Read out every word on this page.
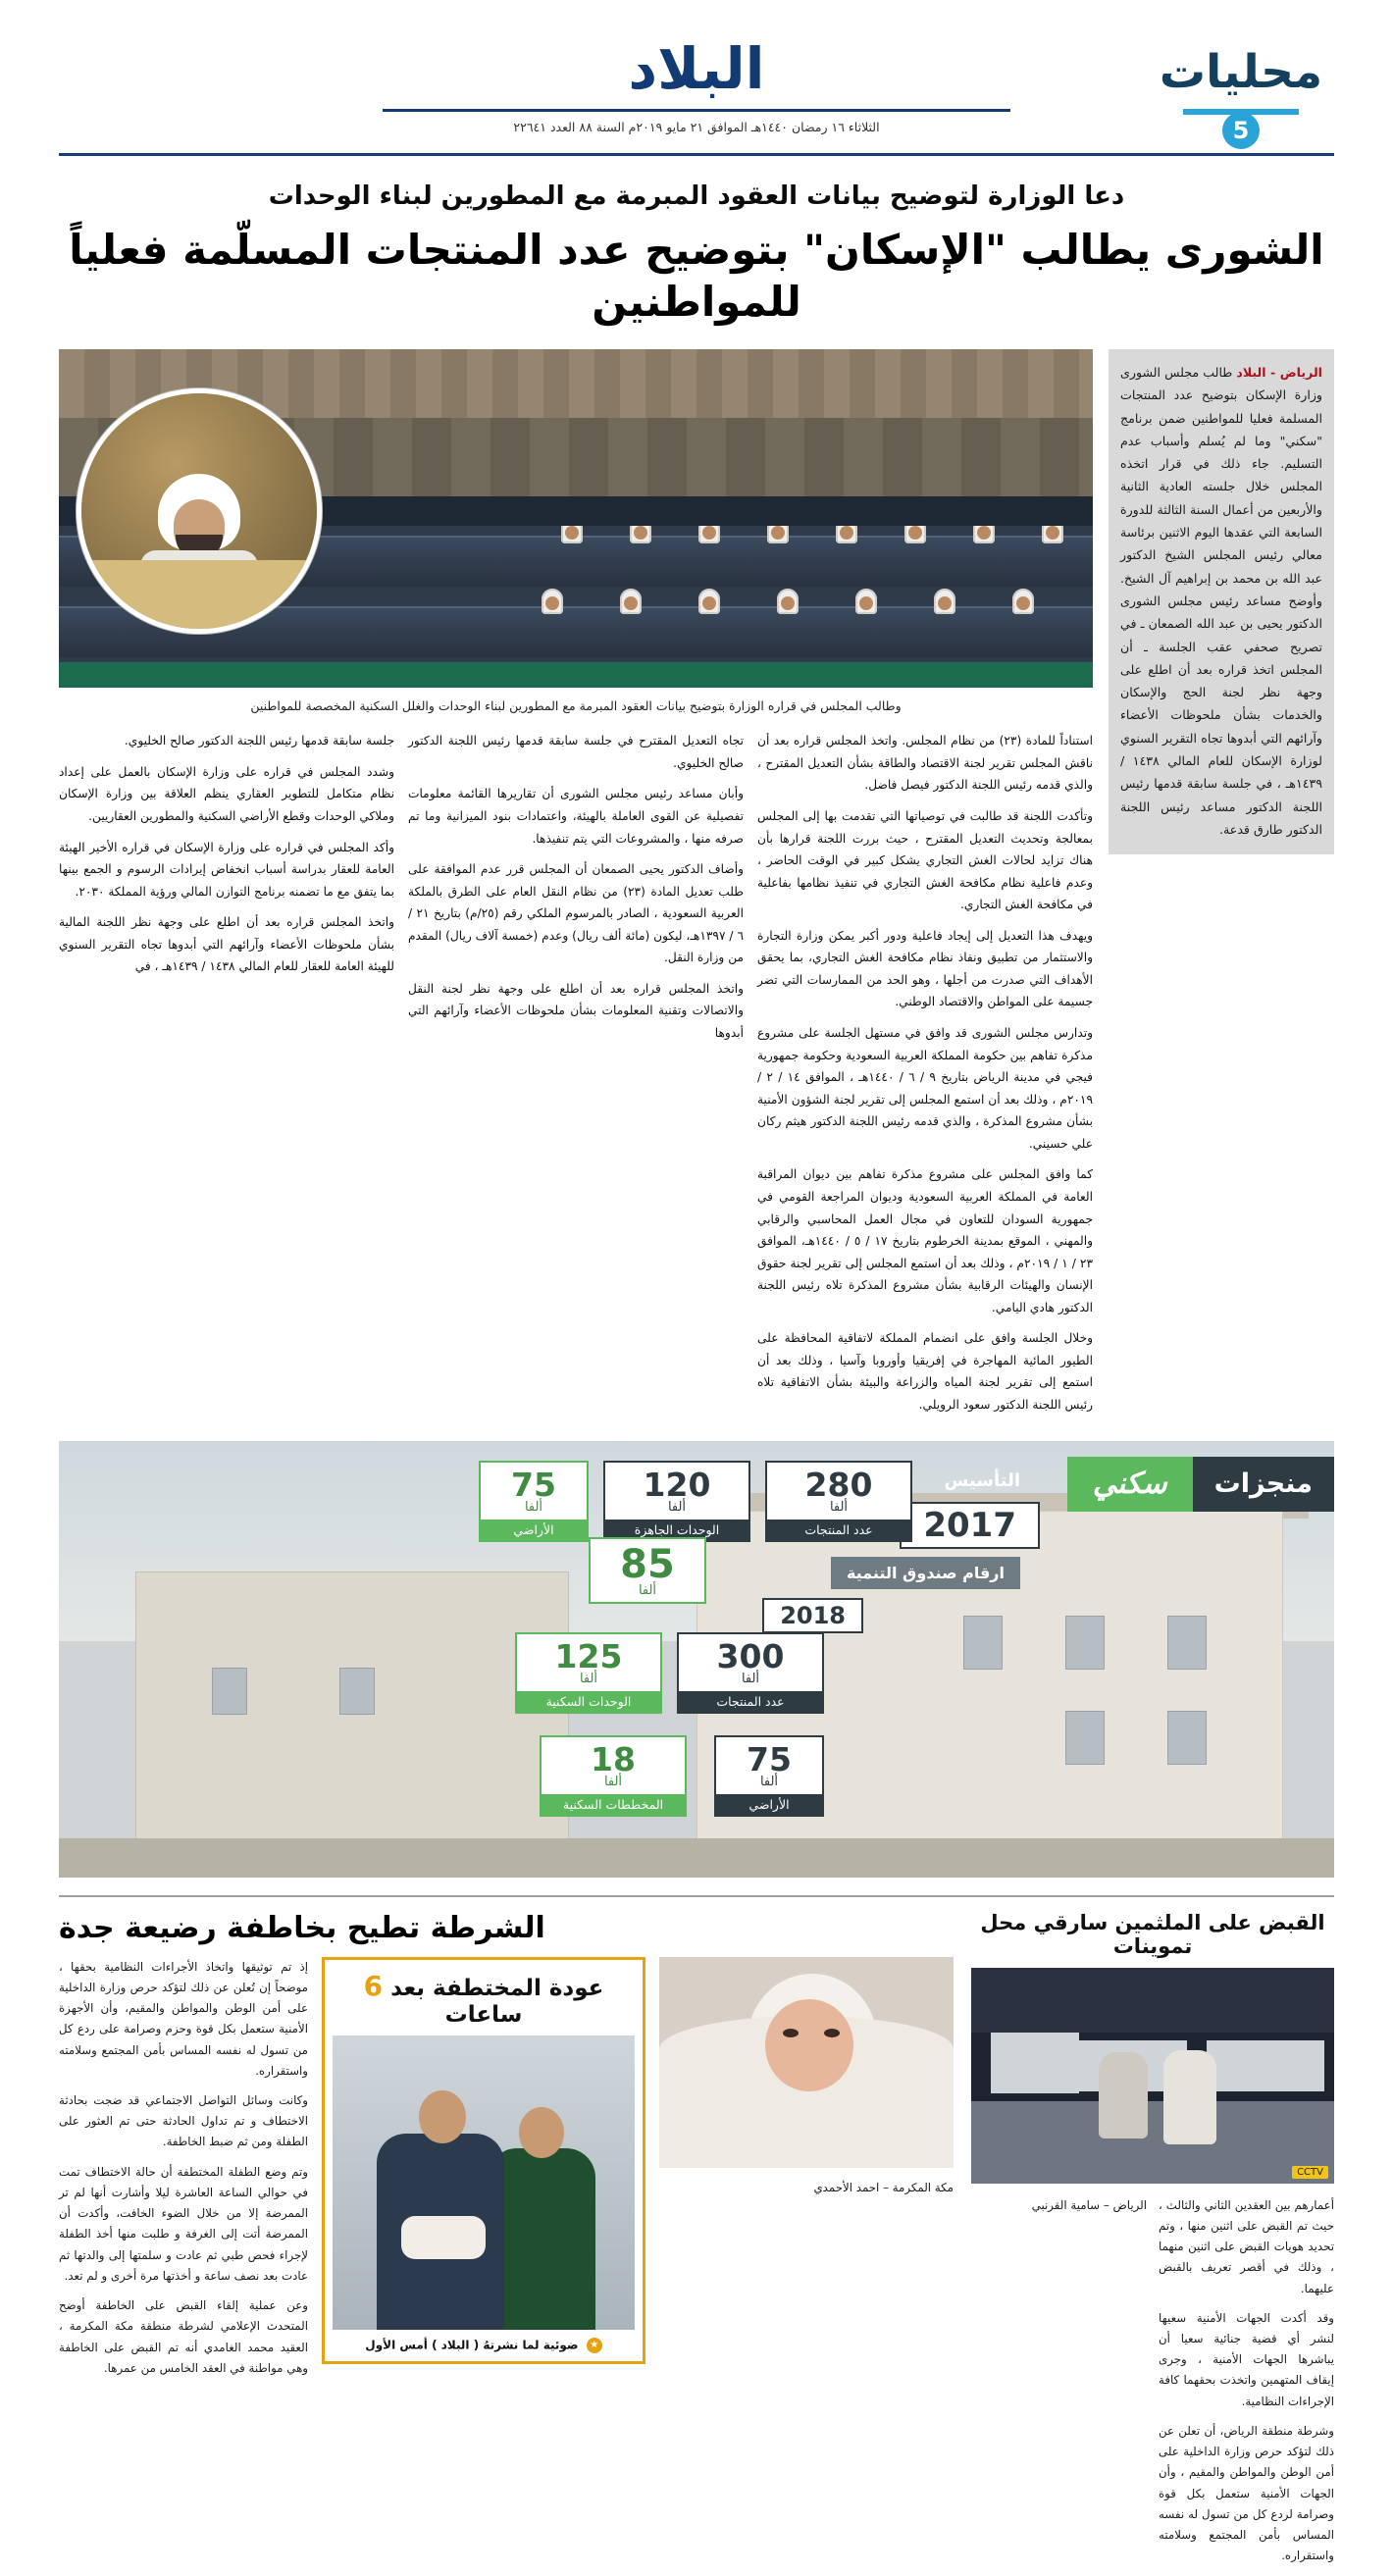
محليات
5
البلاد
الثلاثاء ١٦ رمضان ١٤٤٠هـ الموافق ٢١ مايو ٢٠١٩م السنة ٨٨ العدد ٢٢٦٤١
دعا الوزارة لتوضيح بيانات العقود المبرمة مع المطورين لبناء الوحدات
الشورى يطالب "الإسكان" بتوضيح عدد المنتجات المسلّمة فعلياً للمواطنين
الرياض - البلاد طالب مجلس الشورى وزارة الإسكان بتوضيح عدد المنتجات المسلمة فعليا للمواطنين ضمن برنامج "سكني" وما لم يُسلم وأسباب عدم التسليم. جاء ذلك في قرار اتخذه المجلس خلال جلسته العادية الثانية والأربعين من أعمال السنة الثالثة للدورة السابعة التي عقدها اليوم الاثنين برئاسة معالي رئيس المجلس الشيخ الدكتور عبد الله بن محمد بن إبراهيم آل الشيخ. وأوضح مساعد رئيس مجلس الشورى الدكتور يحيى بن عبد الله الصمعان ـ في تصريح صحفي عقب الجلسة ـ أن المجلس اتخذ قراره بعد أن اطلع على وجهة نظر لجنة الحج والإسكان والخدمات بشأن ملحوظات الأعضاء وآرائهم التي أبدوها تجاه التقرير السنوي لوزارة الإسكان للعام المالي ١٤٣٨ / ١٤٣٩هـ ، في جلسة سابقة قدمها رئيس اللجنة الدكتور مساعد رئيس اللجنة الدكتور طارق قدعة.
وطالب المجلس في قراره الوزارة بتوضيح بيانات العقود المبرمة مع المطورين لبناء الوحدات والغلل السكنية المخصصة للمواطنين

استناداً للمادة (٢٣) من نظام المجلس. واتخذ المجلس قراره بعد أن ناقش المجلس تقرير لجنة الاقتصاد والطاقة بشأن التعديل المقترح ، والذي قدمه رئيس اللجنة الدكتور فيصل فاضل.

وتأكدت اللجنة قد طالبت في توصياتها التي تقدمت بها إلى المجلس بمعالجة وتحديث التعديل المقترح ، حيث بررت اللجنة قرارها بأن هناك تزايد لحالات الغش التجاري يشكل كبير في الوقت الحاضر ، وعدم فاعلية نظام مكافحة الغش التجاري في تنفيذ نظامها بفاعلية في مكافحة الغش التجاري.

ويهدف هذا التعديل إلى إيجاد فاعلية ودور أكبر يمكن وزارة التجارة والاستثمار من تطبيق ونفاذ نظام مكافحة الغش التجاري، بما يحقق الأهداف التي صدرت من أجلها ، وهو الحد من الممارسات التي تضر جسيمة على المواطن والاقتصاد الوطني.

وتدارس مجلس الشورى قد وافق في مستهل الجلسة على مشروع مذكرة تفاهم بين حكومة المملكة العربية السعودية وحكومة جمهورية فيجي في مدينة الرياض بتاريخ ٩ / ٦ / ١٤٤٠هـ ، الموافق ١٤ / ٢ / ٢٠١٩م ، وذلك بعد أن استمع المجلس إلى تقرير لجنة الشؤون الأمنية بشأن مشروع المذكرة ، والذي قدمه رئيس اللجنة الدكتور هيثم ركان علي حسيني.

كما وافق المجلس على مشروع مذكرة تفاهم بين ديوان المراقبة العامة في المملكة العربية السعودية وديوان المراجعة القومي في جمهورية السودان للتعاون في مجال العمل المحاسبي والرقابي والمهني ، الموقع بمدينة الخرطوم بتاريخ ١٧ / ٥ / ١٤٤٠هـ، الموافق ٢٣ / ١ / ٢٠١٩م ، وذلك بعد أن استمع المجلس إلى تقرير لجنة حقوق الإنسان والهيئات الرقابية بشأن مشروع المذكرة تلاه رئيس اللجنة الدكتور هادي اليامي.

وخلال الجلسة وافق على انضمام المملكة لاتفاقية المحافظة على الطيور المائية المهاجرة في إفريقيا وأوروبا وآسيا ، وذلك بعد أن استمع إلى تقرير لجنة المياه والزراعة والبيئة بشأن الاتفاقية تلاه رئيس اللجنة الدكتور سعود الرويلي.

تجاه التعديل المقترح في جلسة سابقة قدمها رئيس اللجنة الدكتور صالح الخليوي.

وأبان مساعد رئيس مجلس الشورى أن تقاريرها القائمة معلومات تفصيلية عن القوى العاملة بالهيئة، واعتمادات بنود الميزانية وما تم صرفه منها ، والمشروعات التي يتم تنفيذها.

وأضاف الدكتور يحيى الصمعان أن المجلس قرر عدم الموافقة على طلب تعديل المادة (٢٣) من نظام النقل العام على الطرق بالملكة العربية السعودية ، الصادر بالمرسوم الملكي رقم (٢٥/م) بتاريخ ٢١ / ٦ / ١٣٩٧هـ، ليكون (مائة ألف ريال) وعدم (خمسة آلاف ريال) المقدم من وزارة النقل.

واتخذ المجلس قراره بعد أن اطلع على وجهة نظر لجنة النقل والاتصالات وتقنية المعلومات بشأن ملحوظات الأعضاء وآرائهم التي أبدوها

جلسة سابقة قدمها رئيس اللجنة الدكتور صالح الخليوي.

وشدد المجلس في قراره على وزارة الإسكان بالعمل على إعداد نظام متكامل للتطوير العقاري ينظم العلاقة بين وزارة الإسكان وملاكي الوحدات وقطع الأراضي السكنية والمطورين العقاريين.

وأكد المجلس في قراره على وزارة الإسكان في قراره الأخير الهيئة العامة للعقار بدراسة أسباب انخفاض إيرادات الرسوم و الجمع بينها بما يتفق مع ما تضمنه برنامج التوازن المالي ورؤية المملكة ٢٠٣٠.

واتخذ المجلس قراره بعد أن اطلع على وجهة نظر اللجنة المالية بشأن ملحوظات الأعضاء وآرائهم التي أبدوها تجاه التقرير السنوي للهيئة العامة للعقار للعام المالي ١٤٣٨ / ١٤٣٩هـ ، في

منجزات
سكني
التأسيس
2017
280
ألفا
عدد المنتجات
120
ألفا
الوحدات الجاهزة
75
ألفا
الأراضي
ارقام صندوق التنمية
85
ألفا
2018
300
ألفا
عدد المنتجات
125
ألفا
الوحدات السكنية
75
ألفا
الأراضي
18
ألفا
المخططات السكنية
القبض على الملثمين سارقي محل تموينات
CCTV

أعمارهم بين العقدين الثاني والثالث ، حيث تم القبض على اثنين منها ، وتم تحديد هويات القبض على اثنين منهما ، وذلك في أقصر تعريف بالقبض عليهما.

وقد أكدت الجهات الأمنية سعيها لنشر أي قضية جنائية سعيا أن يباشرها الجهات الأمنية ، وجرى إيقاف المتهمين واتخذت بحقهما كافة الإجراءات النظامية.

وشرطة منطقة الرياض، أن تعلن عن ذلك لتؤكد حرص وزارة الداخلية على أمن الوطن والمواطن والمقيم ، وأن الجهات الأمنية ستعمل بكل قوة وصرامة لردع كل من تسول له نفسه المساس بأمن المجتمع وسلامته واستقراره.

الرياض – سامية القرنبي

الشرطة تطيح بخاطفة رضيعة جدة

مكة المكرمة – احمد الأحمدي

عودة المختطفة بعد 6 ساعات
★ ضوئية لما نشرتهُ ( البلاد ) أمس الأول

إذ تم توثيقها واتخاذ الأجراءات النظامية بحقها ، موضحاً إن تُعلن عن ذلك لتؤكد حرص وزارة الداخلية على أمن الوطن والمواطن والمقيم، وأن الأجهزة الأمنية ستعمل بكل قوة وحزم وصرامة على ردع كل من تسول له نفسه المساس بأمن المجتمع وسلامته واستقراره.

وكانت وسائل التواصل الاجتماعي قد ضجت بحادثة الاختطاف و تم تداول الحادثة حتى تم العثور على الطفلة ومن ثم ضبط الخاطفة.

وتم وضع الطفلة المختطفة أن حالة الاختطاف تمت في حوالي الساعة العاشرة ليلا وأشارت أنها لم تر الممرضة إلا من خلال الضوء الخافت، وأكدت أن الممرضة أتت إلى الغرفة و طلبت منها أخذ الطفلة لإجراء فحص طبي ثم عادت و سلمتها إلى والدتها ثم عادت بعد نصف ساعة و أخذتها مرة أخرى و لم تعد.

وعن عملية إلقاء القبض على الخاطفة أوضح المتحدث الإعلامي لشرطة منطقة مكة المكرمة ، العقيد محمد الغامدي أنه تم القبض على الخاطفة وهي مواطنة في العقد الخامس من عمرها.
